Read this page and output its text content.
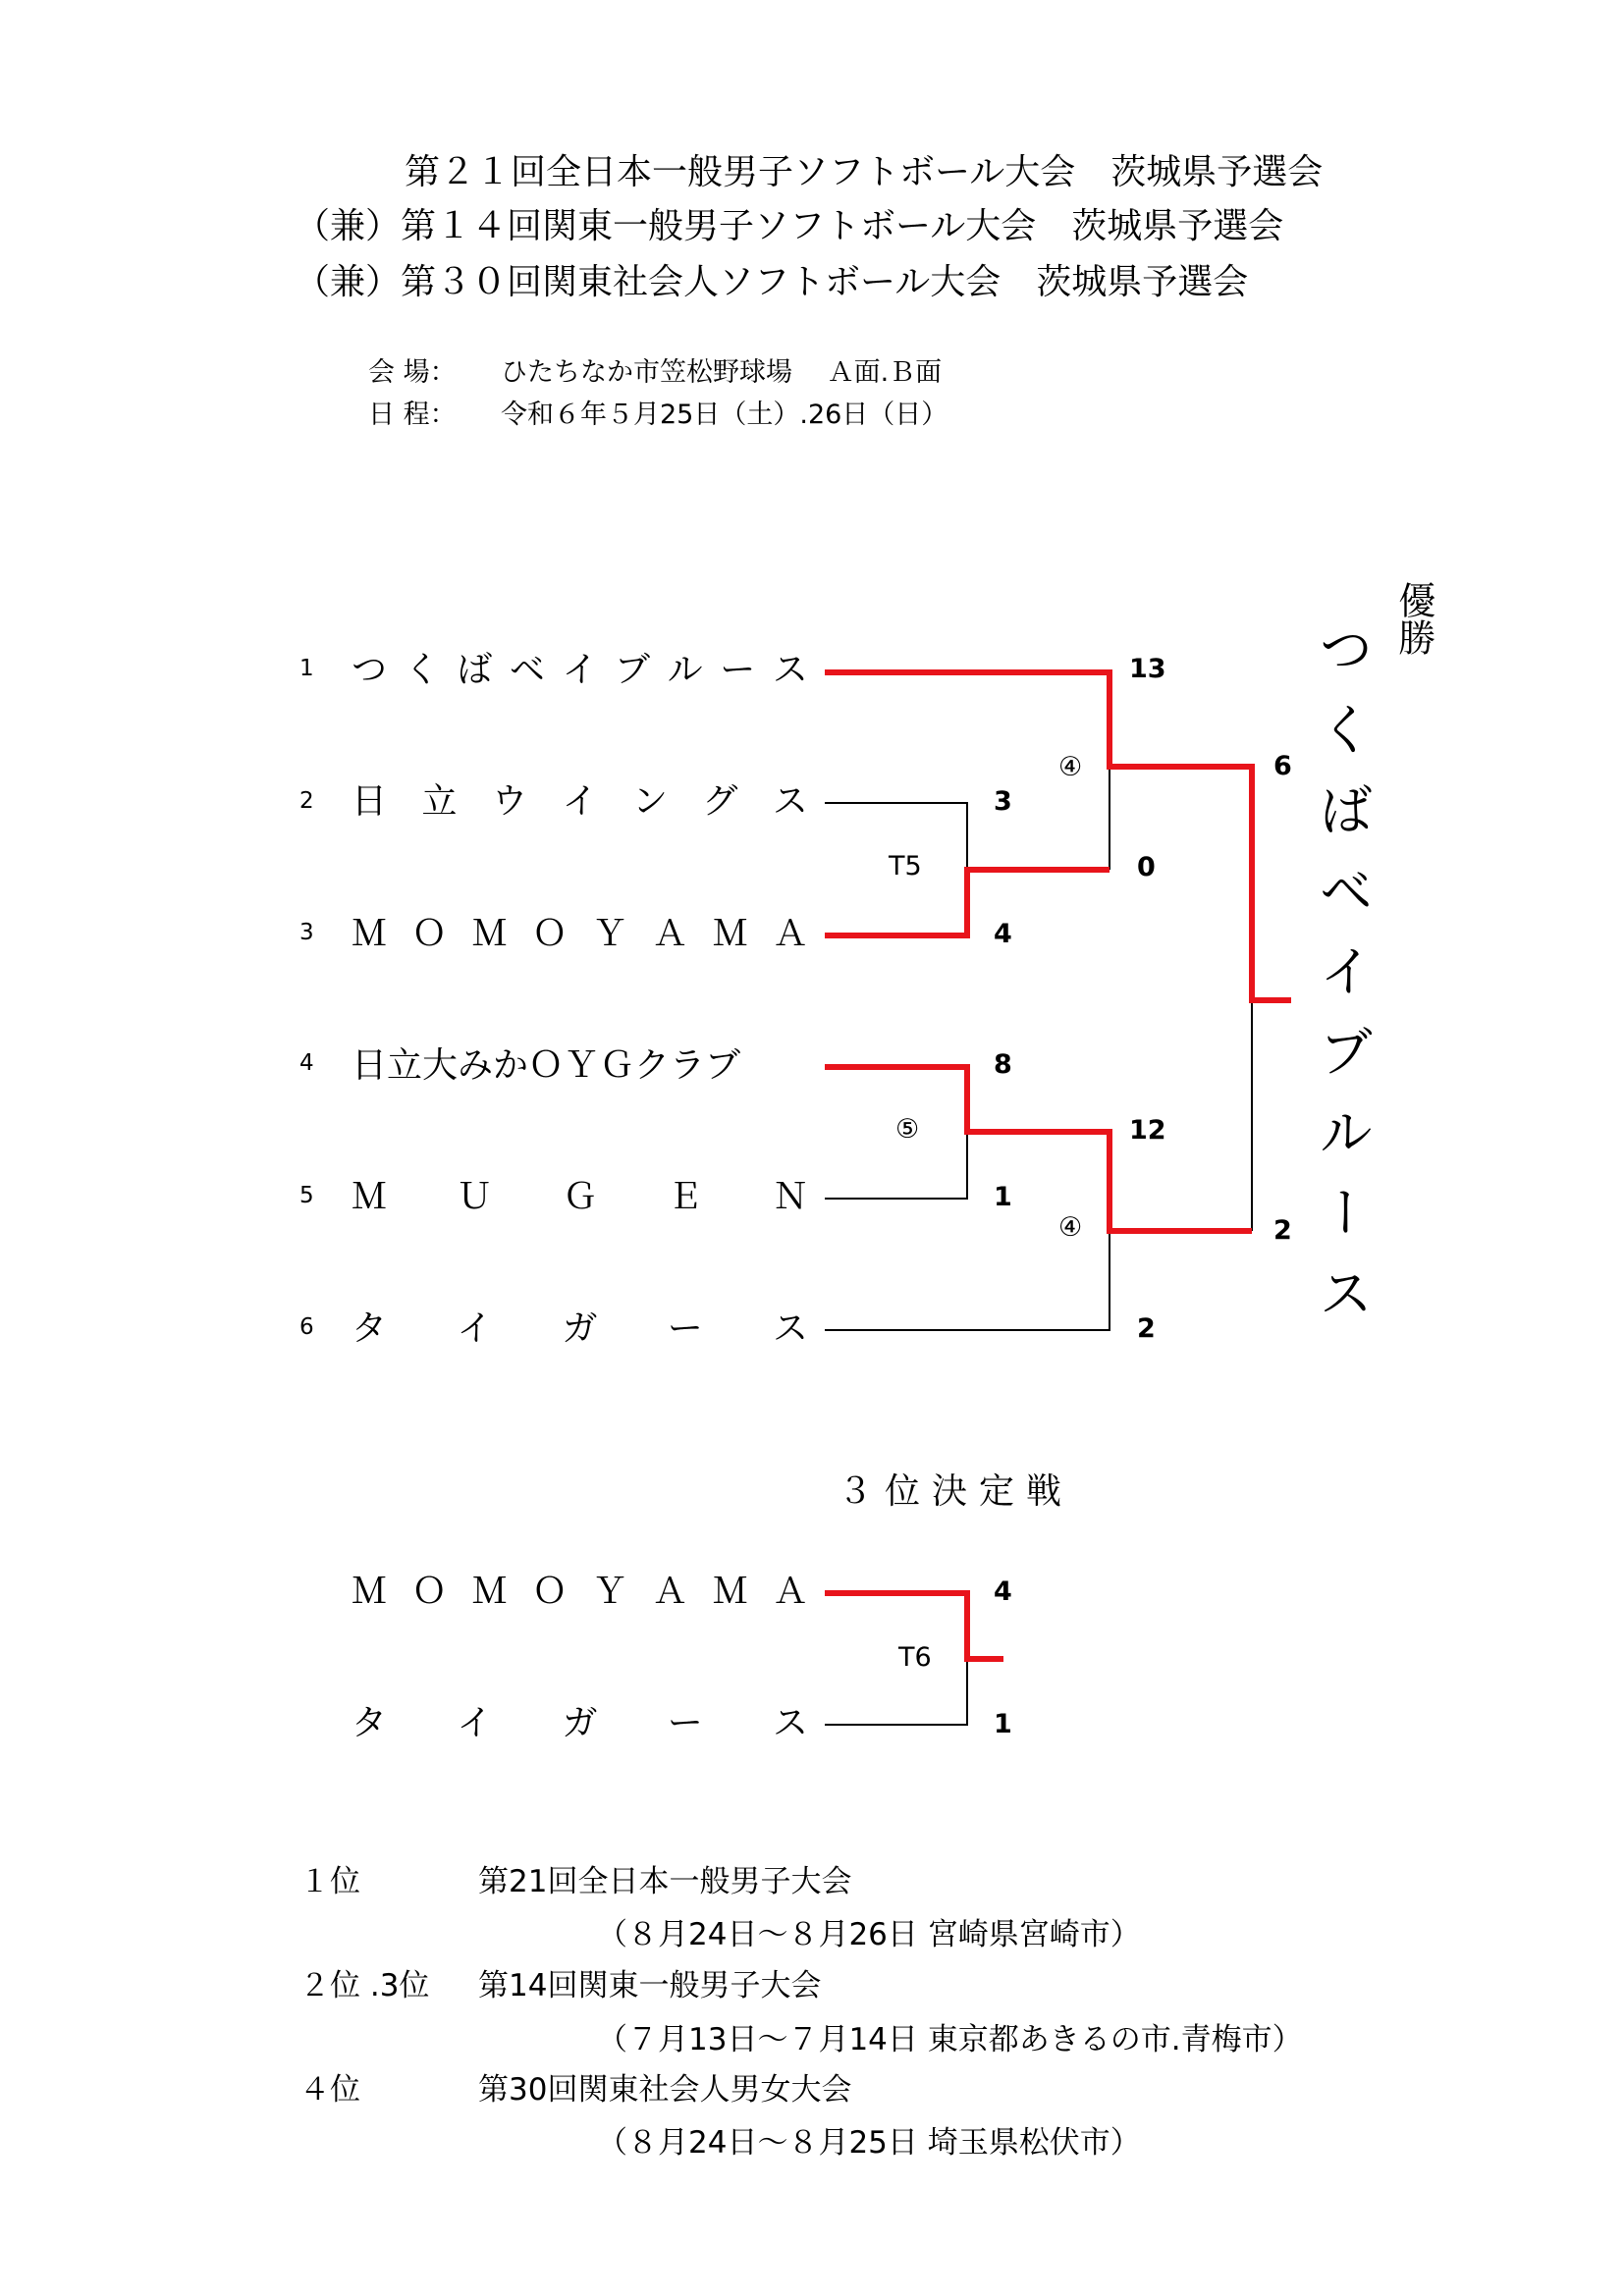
第２１回全日本一般男子ソフトボール大会　茨城県予選会
（兼）第１４回関東一般男子ソフトボール大会　茨城県予選会
（兼）第３０回関東社会人ソフトボール大会　茨城県予選会
会 場： ひたちなか市笠松野球場　 Ａ面.Ｂ面
日 程： 令和６年５月25日（土）.26日（日）
1
2
3
4
5
6
つ く ば ベ イ ブ ル ー ス
日 立 ウ イ ン グ ス
Ｍ Ｏ Ｍ Ｏ Ｙ Ａ Ｍ Ａ
日立大みかＯＹＧクラブ
Ｍ Ｕ Ｇ Ｅ Ｎ
タ イ ガ ー ス
13
3
0
4
8
12
1
2
6
2
T5
⑤
④
④
優勝
つくばベイブルース
３位決定戦
Ｍ Ｏ Ｍ Ｏ Ｙ Ａ Ｍ Ａ
タ イ ガ ー ス
4
1
T6
１位	第21回全日本一般男子大会
（８月24日～８月26日 宮崎県宮崎市）
２位 .3位 第14回関東一般男子大会
（７月13日～７月14日 東京都あきるの市.青梅市）
４位	第30回関東社会人男女大会
（８月24日～８月25日 埼玉県松伏市）
